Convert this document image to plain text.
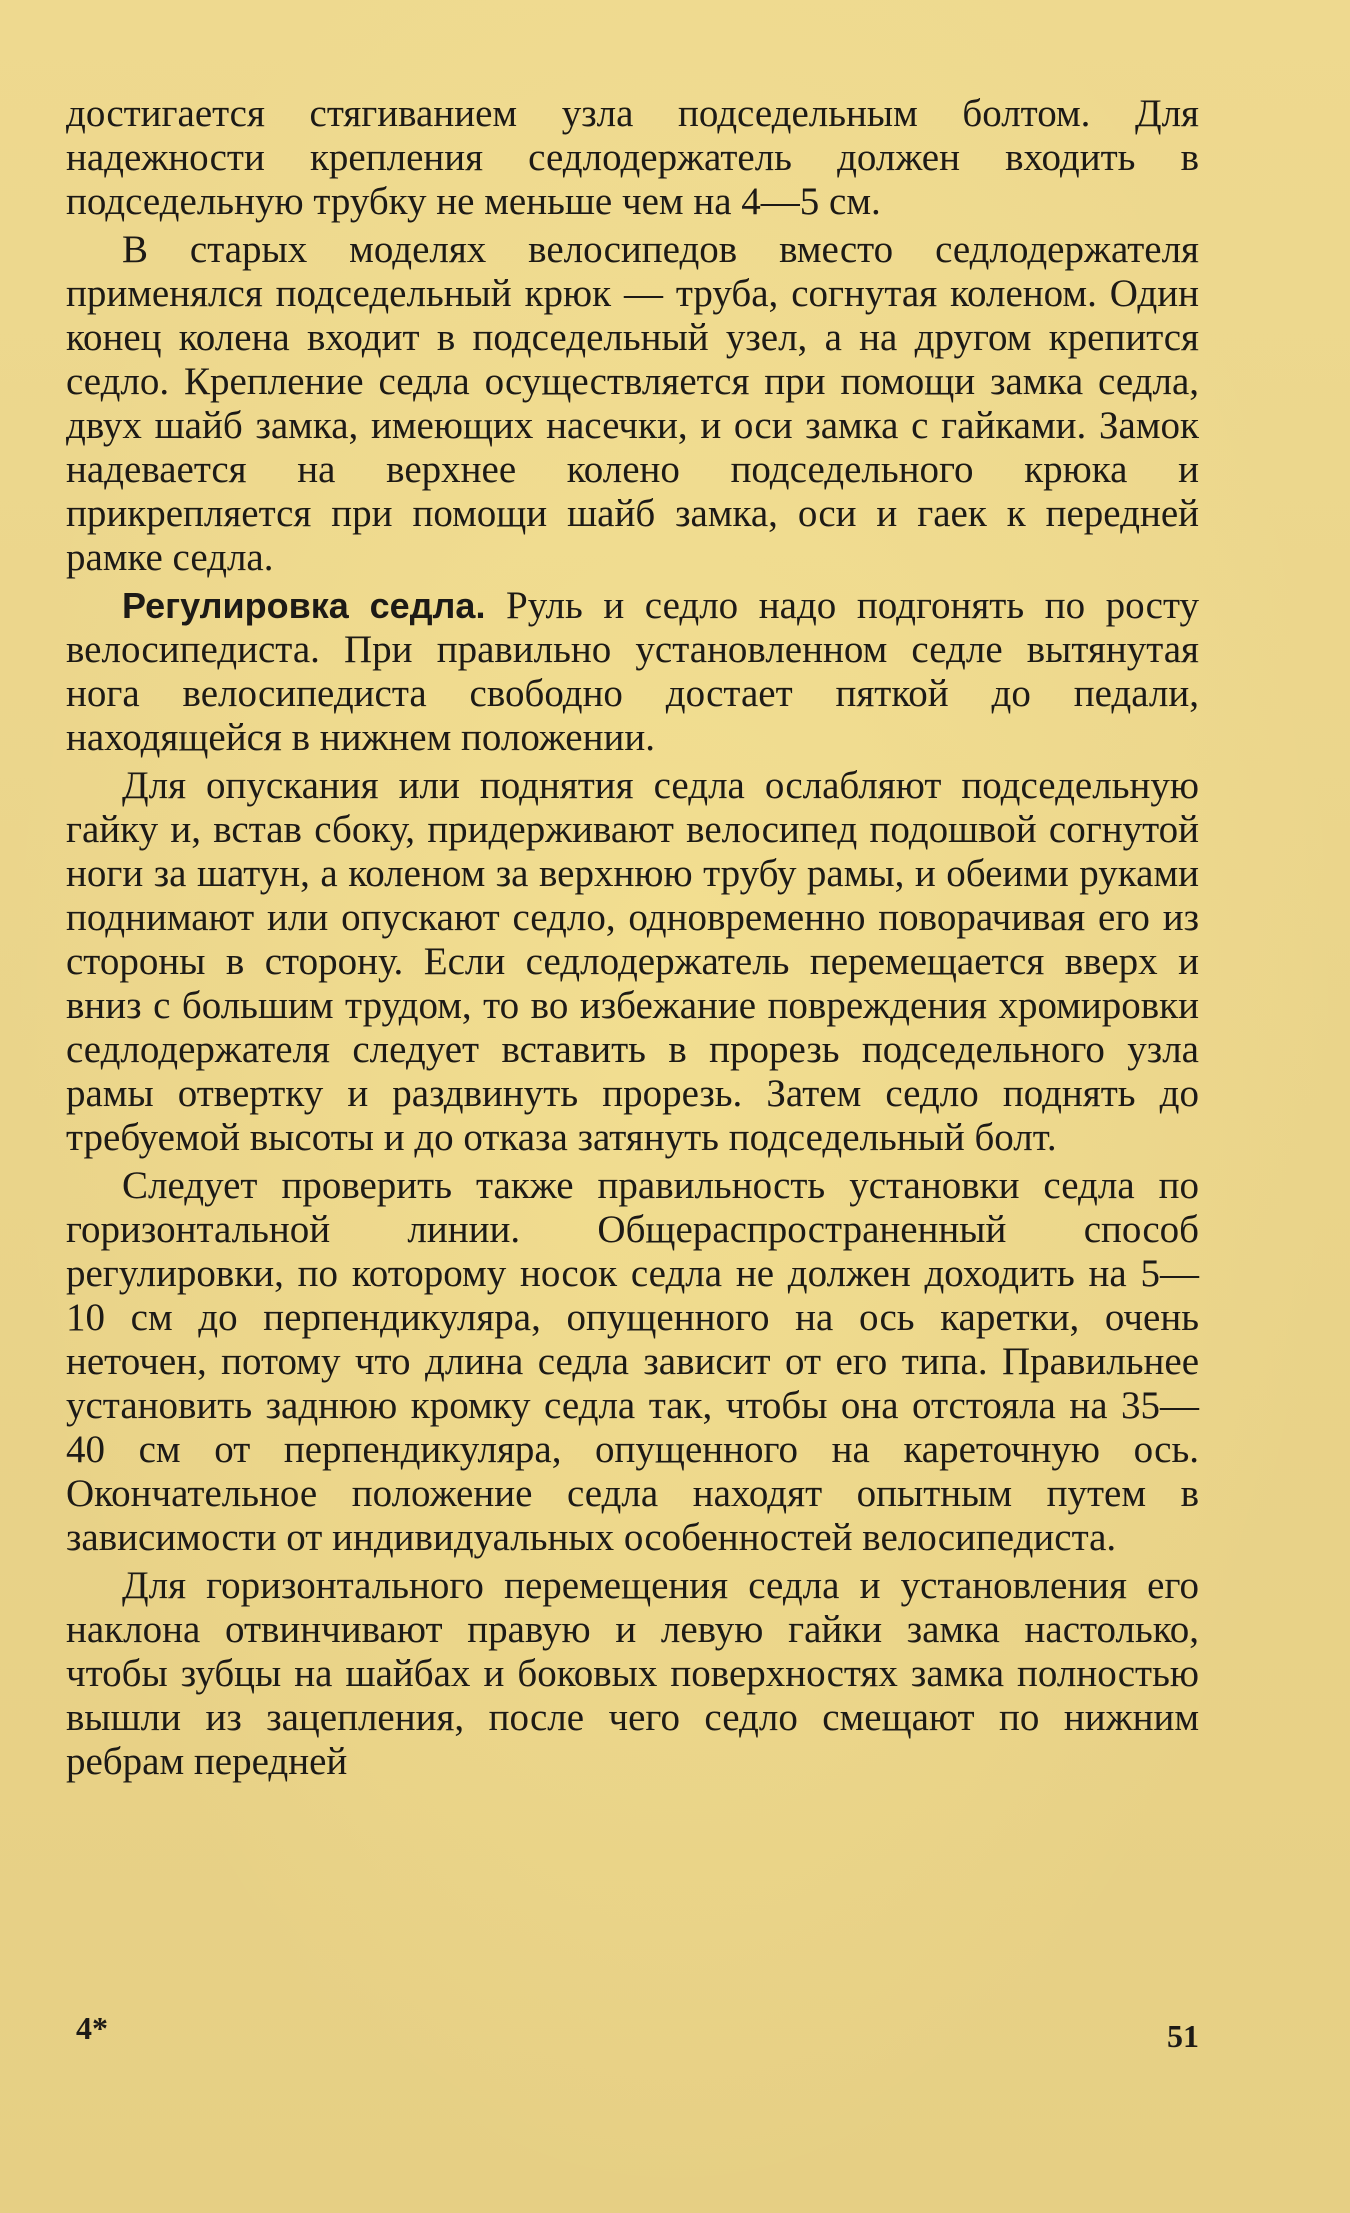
достигается стягиванием узла подседельным болтом. Для надежности крепления седлодержатель должен входить в подседельную трубку не меньше чем на 4—5 см.

В старых моделях велосипедов вместо седлодержателя применялся подседельный крюк — труба, согнутая коленом. Один конец колена входит в подседельный узел, а на другом крепится седло. Крепление седла осуществляется при помощи замка седла, двух шайб замка, имеющих насечки, и оси замка с гайками. Замок надевается на верхнее колено подседельного крюка и прикрепляется при помощи шайб замка, оси и гаек к передней рамке седла.

Регулировка седла. Руль и седло надо подгонять по росту велосипедиста. При правильно установленном седле вытянутая нога велосипедиста свободно достает пяткой до педали, находящейся в нижнем положении.

Для опускания или поднятия седла ослабляют подседельную гайку и, встав сбоку, придерживают велосипед подошвой согнутой ноги за шатун, а коленом за верхнюю трубу рамы, и обеими руками поднимают или опускают седло, одновременно поворачивая его из стороны в сторону. Если седлодержатель перемещается вверх и вниз с большим трудом, то во избежание повреждения хромировки седлодержателя следует вставить в прорезь подседельного узла рамы отвертку и раздвинуть прорезь. Затем седло поднять до требуемой высоты и до отказа затянуть подседельный болт.

Следует проверить также правильность установки седла по горизонтальной линии. Общераспространенный способ регулировки, по которому носок седла не должен доходить на 5—10 см до перпендикуляра, опущенного на ось каретки, очень неточен, потому что длина седла зависит от его типа. Правильнее установить заднюю кромку седла так, чтобы она отстояла на 35—40 см от перпендикуляра, опущенного на кареточную ось. Окончательное положение седла находят опытным путем в зависимости от индивидуальных особенностей велосипедиста.

Для горизонтального перемещения седла и установления его наклона отвинчивают правую и левую гайки замка настолько, чтобы зубцы на шайбах и боковых поверхностях замка полностью вышли из зацепления, после чего седло смещают по нижним ребрам передней

4*	51
